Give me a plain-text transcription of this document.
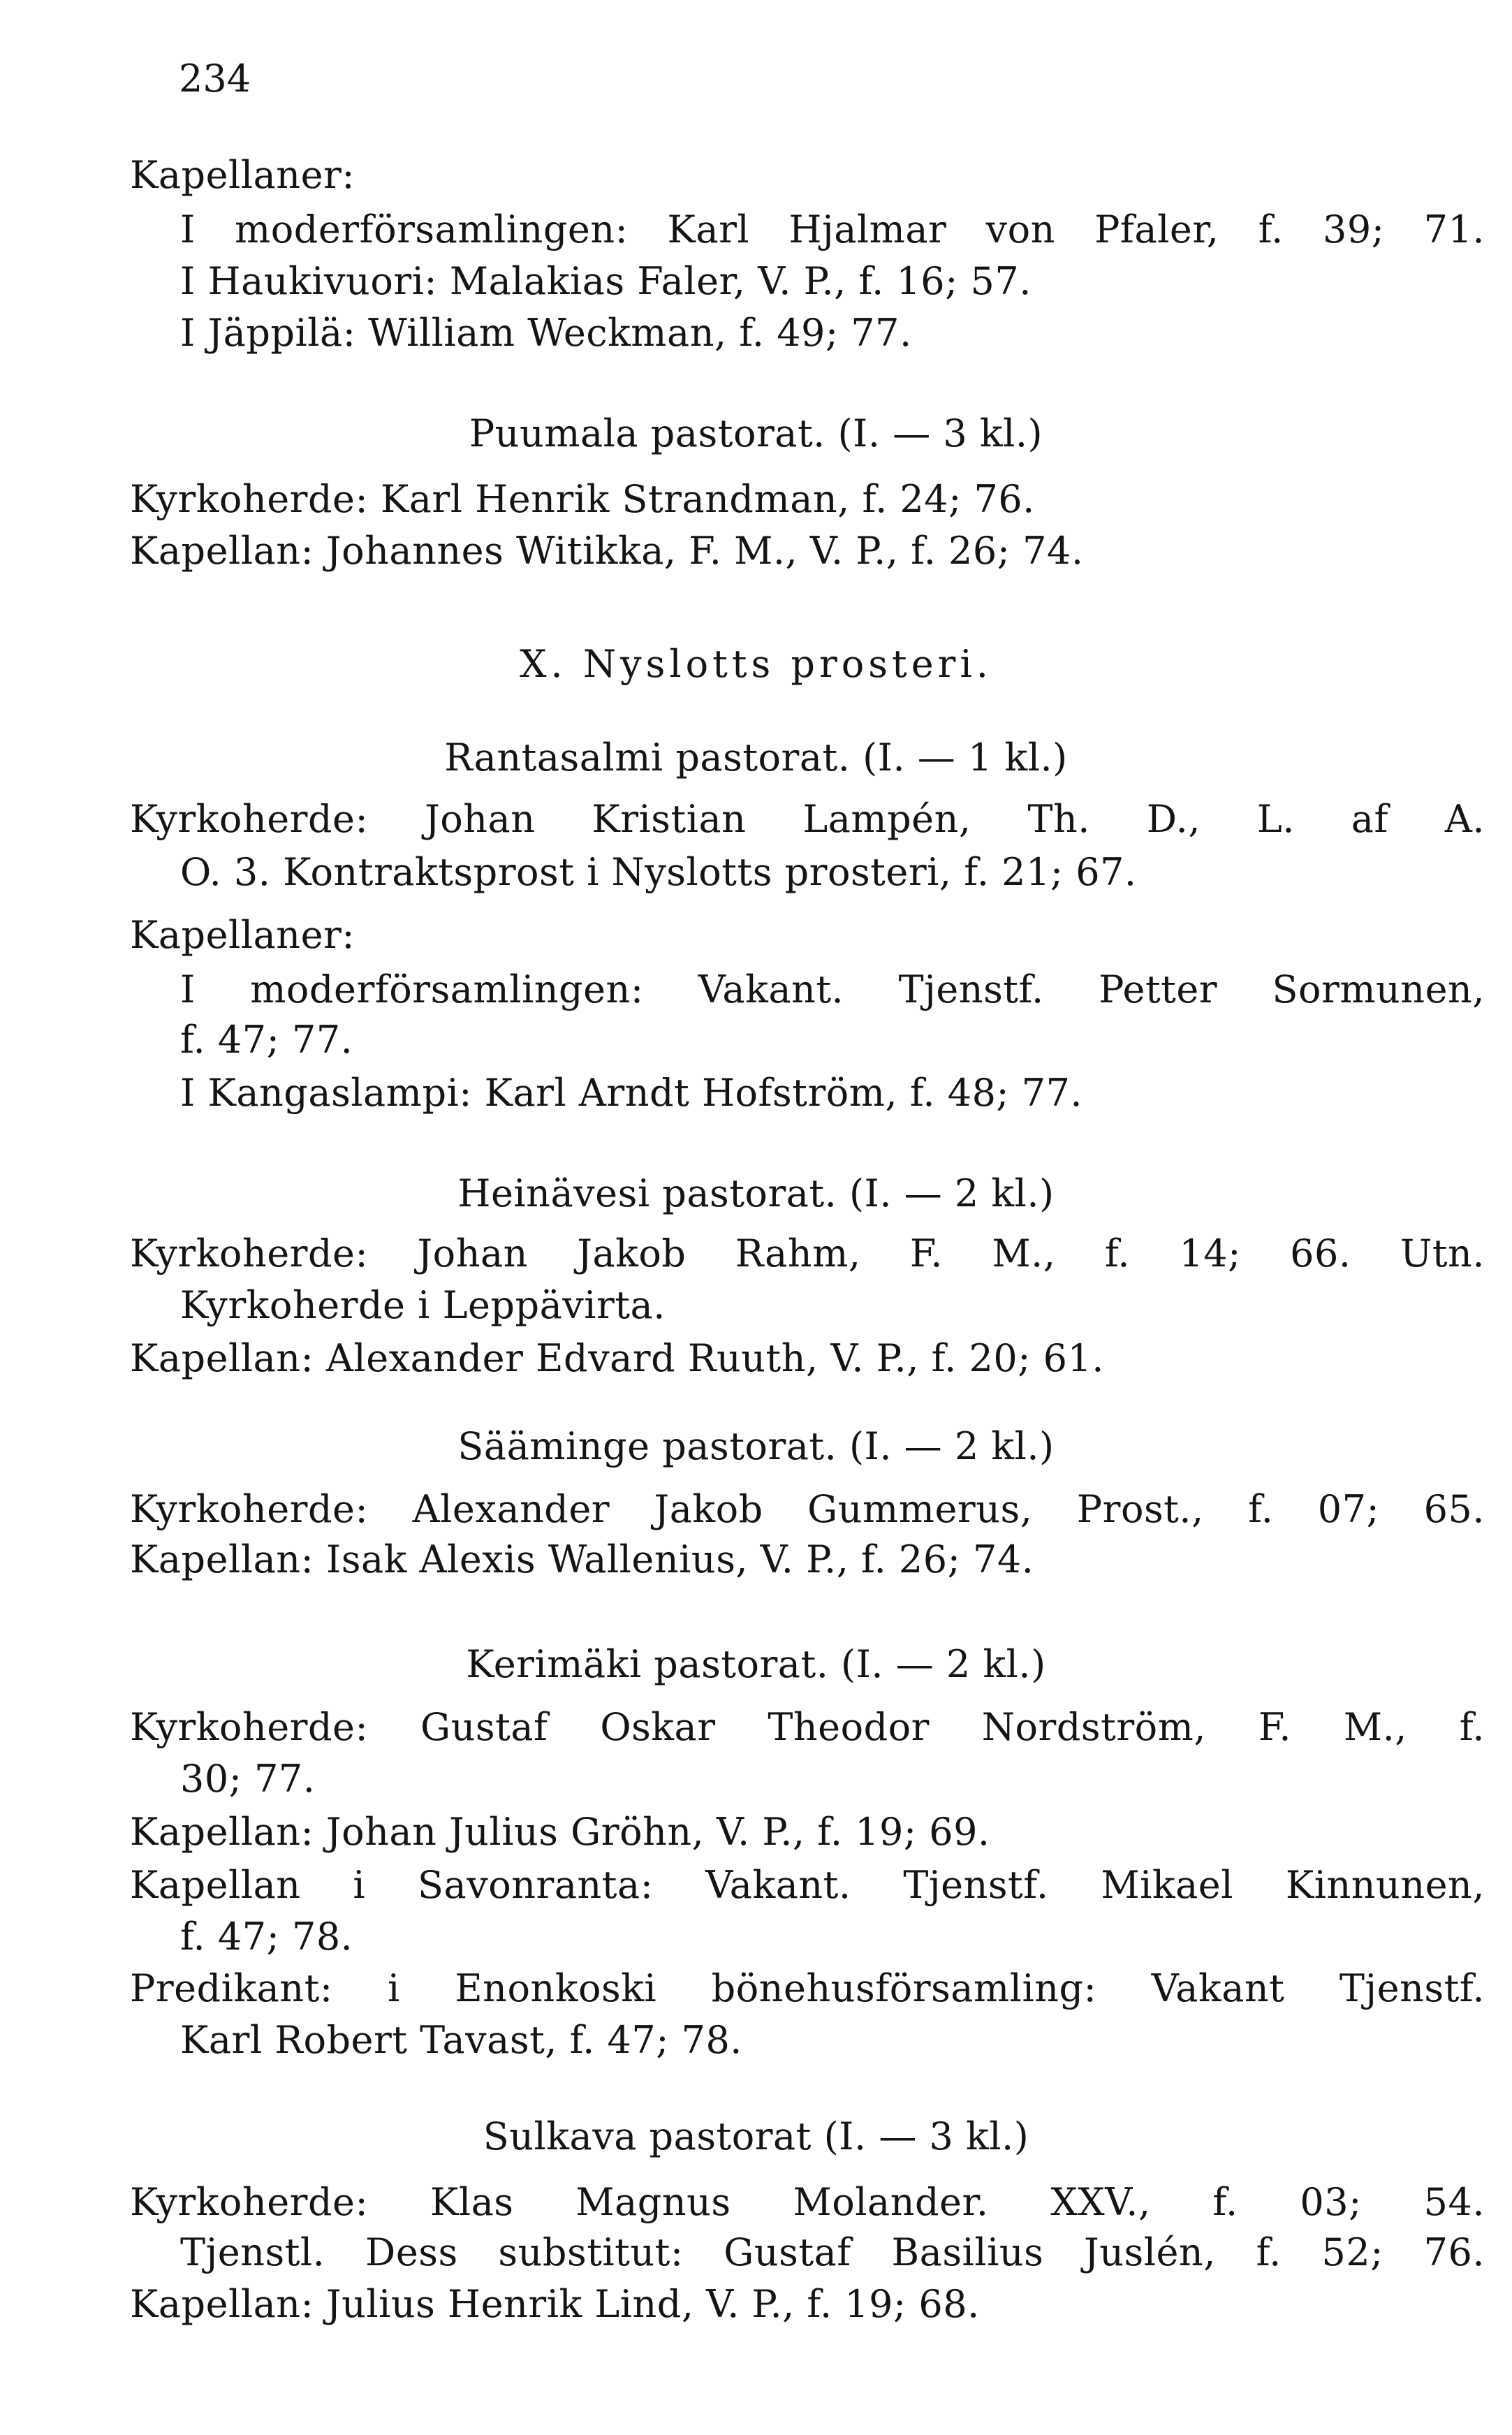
234
Kapellaner:
I moderförsamlingen: Karl Hjalmar von Pfaler, f. 39; 71.
I Haukivuori: Malakias Faler, V. P., f. 16; 57.
I Jäppilä: William Weckman, f. 49; 77.
Puumala pastorat. (I. — 3 kl.)
Kyrkoherde: Karl Henrik Strandman, f. 24; 76.
Kapellan: Johannes Witikka, F. M., V. P., f. 26; 74.
X. Nyslotts prosteri.
Rantasalmi pastorat. (I. — 1 kl.)
Kyrkoherde: Johan Kristian Lampén, Th. D., L. af A.
O. 3. Kontraktsprost i Nyslotts prosteri, f. 21; 67.
Kapellaner:
I moderförsamlingen: Vakant. Tjenstf. Petter Sormunen,
f. 47; 77.
I Kangaslampi: Karl Arndt Hofström, f. 48; 77.
Heinävesi pastorat. (I. — 2 kl.)
Kyrkoherde: Johan Jakob Rahm, F. M., f. 14; 66. Utn.
Kyrkoherde i Leppävirta.
Kapellan: Alexander Edvard Ruuth, V. P., f. 20; 61.
Sääminge pastorat. (I. — 2 kl.)
Kyrkoherde: Alexander Jakob Gummerus, Prost., f. 07; 65.
Kapellan: Isak Alexis Wallenius, V. P., f. 26; 74.
Kerimäki pastorat. (I. — 2 kl.)
Kyrkoherde: Gustaf Oskar Theodor Nordström, F. M., f.
30; 77.
Kapellan: Johan Julius Gröhn, V. P., f. 19; 69.
Kapellan i Savonranta: Vakant. Tjenstf. Mikael Kinnunen,
f. 47; 78.
Predikant: i Enonkoski bönehusförsamling: Vakant Tjenstf.
Karl Robert Tavast, f. 47; 78.
Sulkava pastorat (I. — 3 kl.)
Kyrkoherde: Klas Magnus Molander. XXV., f. 03; 54.
Tjenstl. Dess substitut: Gustaf Basilius Juslén, f. 52; 76.
Kapellan: Julius Henrik Lind, V. P., f. 19; 68.
